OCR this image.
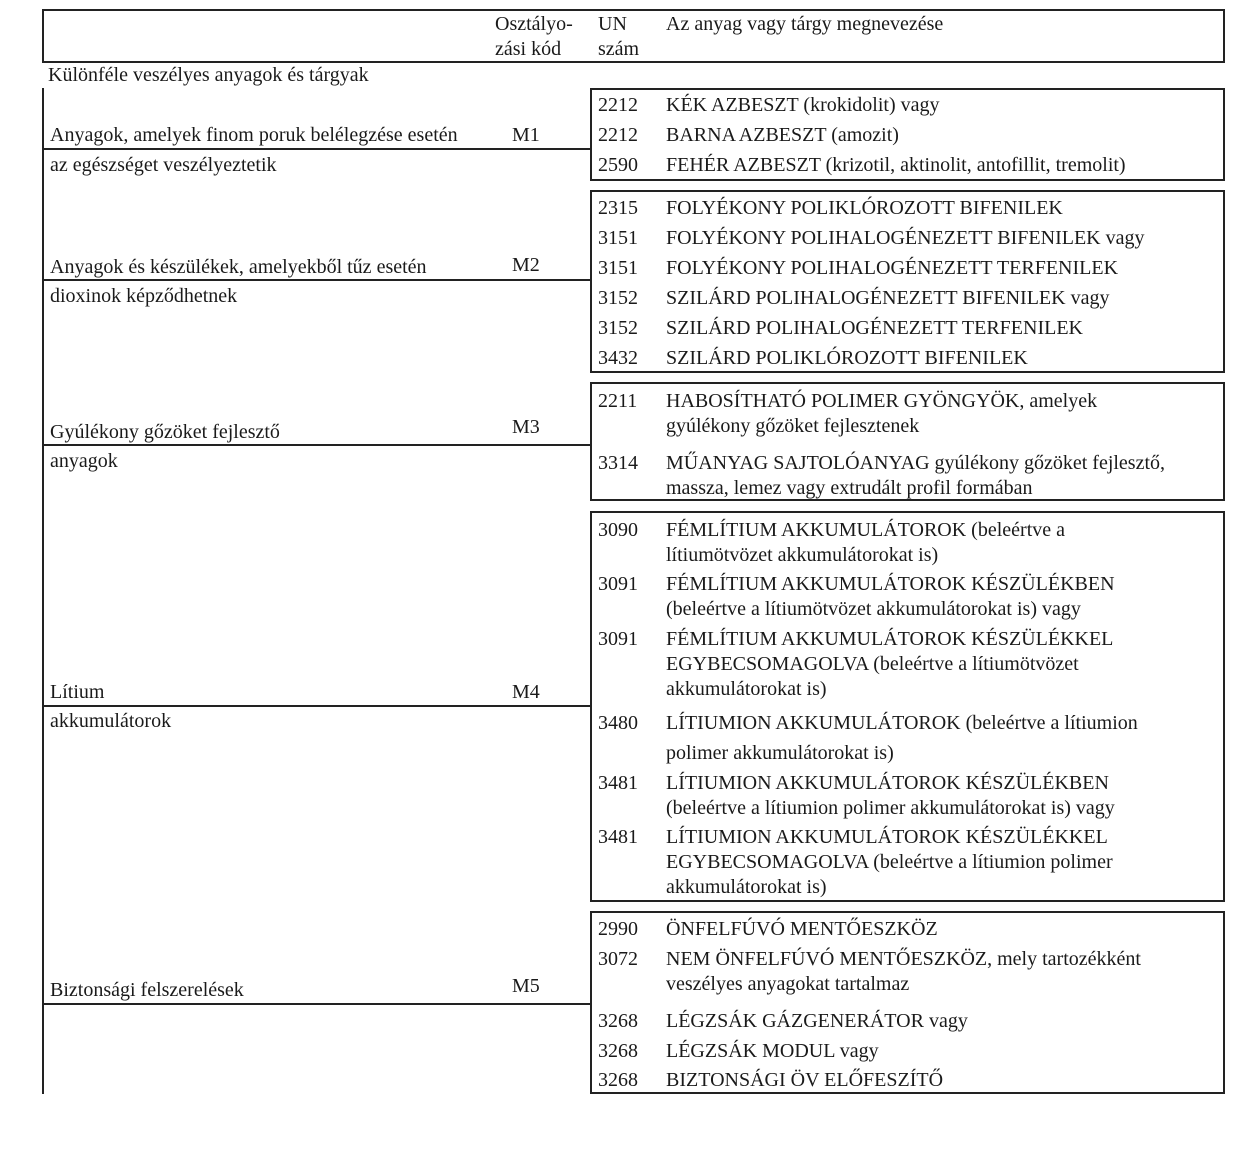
Osztályo-
zási kód
UN
szám
Az anyag vagy tárgy megnevezése
Különféle veszélyes anyagok és tárgyak
Anyagok, amelyek finom poruk belélegzése esetén	M1
az egészséget veszélyeztetik
2212 KÉK AZBESZT (krokidolit) vagy
2212 BARNA AZBESZT (amozit)
2590 FEHÉR AZBESZT (krizotil, aktinolit, antofillit, tremolit)
Anyagok és készülékek, amelyekből tűz esetén	M2
dioxinok képződhetnek
2315 FOLYÉKONY POLIKLÓROZOTT BIFENILEK
3151 FOLYÉKONY POLIHALOGÉNEZETT BIFENILEK vagy
3151 FOLYÉKONY POLIHALOGÉNEZETT TERFENILEK
3152 SZILÁRD POLIHALOGÉNEZETT BIFENILEK vagy
3152 SZILÁRD POLIHALOGÉNEZETT TERFENILEK
3432 SZILÁRD POLIKLÓROZOTT BIFENILEK
Gyúlékony gőzöket fejlesztő	M3
anyagok
2211 HABOSÍTHATÓ POLIMER GYÖNGYÖK, amelyek
gyúlékony gőzöket fejlesztenek
3314 MŰANYAG SAJTOLÓANYAG gyúlékony gőzöket fejlesztő,
massza, lemez vagy extrudált profil formában
Lítium	M4
akkumulátorok
3090 FÉMLÍTIUM AKKUMULÁTOROK (beleértve a
lítiumötvözet akkumulátorokat is)
3091 FÉMLÍTIUM AKKUMULÁTOROK KÉSZÜLÉKBEN
(beleértve a lítiumötvözet akkumulátorokat is) vagy
3091 FÉMLÍTIUM AKKUMULÁTOROK KÉSZÜLÉKKEL
EGYBECSOMAGOLVA (beleértve a lítiumötvözet
akkumulátorokat is)
3480 LÍTIUMION AKKUMULÁTOROK (beleértve a lítiumion
polimer akkumulátorokat is)
3481 LÍTIUMION AKKUMULÁTOROK KÉSZÜLÉKBEN
(beleértve a lítiumion polimer akkumulátorokat is) vagy
3481 LÍTIUMION AKKUMULÁTOROK KÉSZÜLÉKKEL
EGYBECSOMAGOLVA (beleértve a lítiumion polimer
akkumulátorokat is)
Biztonsági felszerelések	M5
2990 ÖNFELFÚVÓ MENTŐESZKÖZ
3072 NEM ÖNFELFÚVÓ MENTŐESZKÖZ, mely tartozékként
veszélyes anyagokat tartalmaz
3268 LÉGZSÁK GÁZGENERÁTOR vagy
3268 LÉGZSÁK MODUL vagy
3268 BIZTONSÁGI ÖV ELŐFESZÍTŐ
